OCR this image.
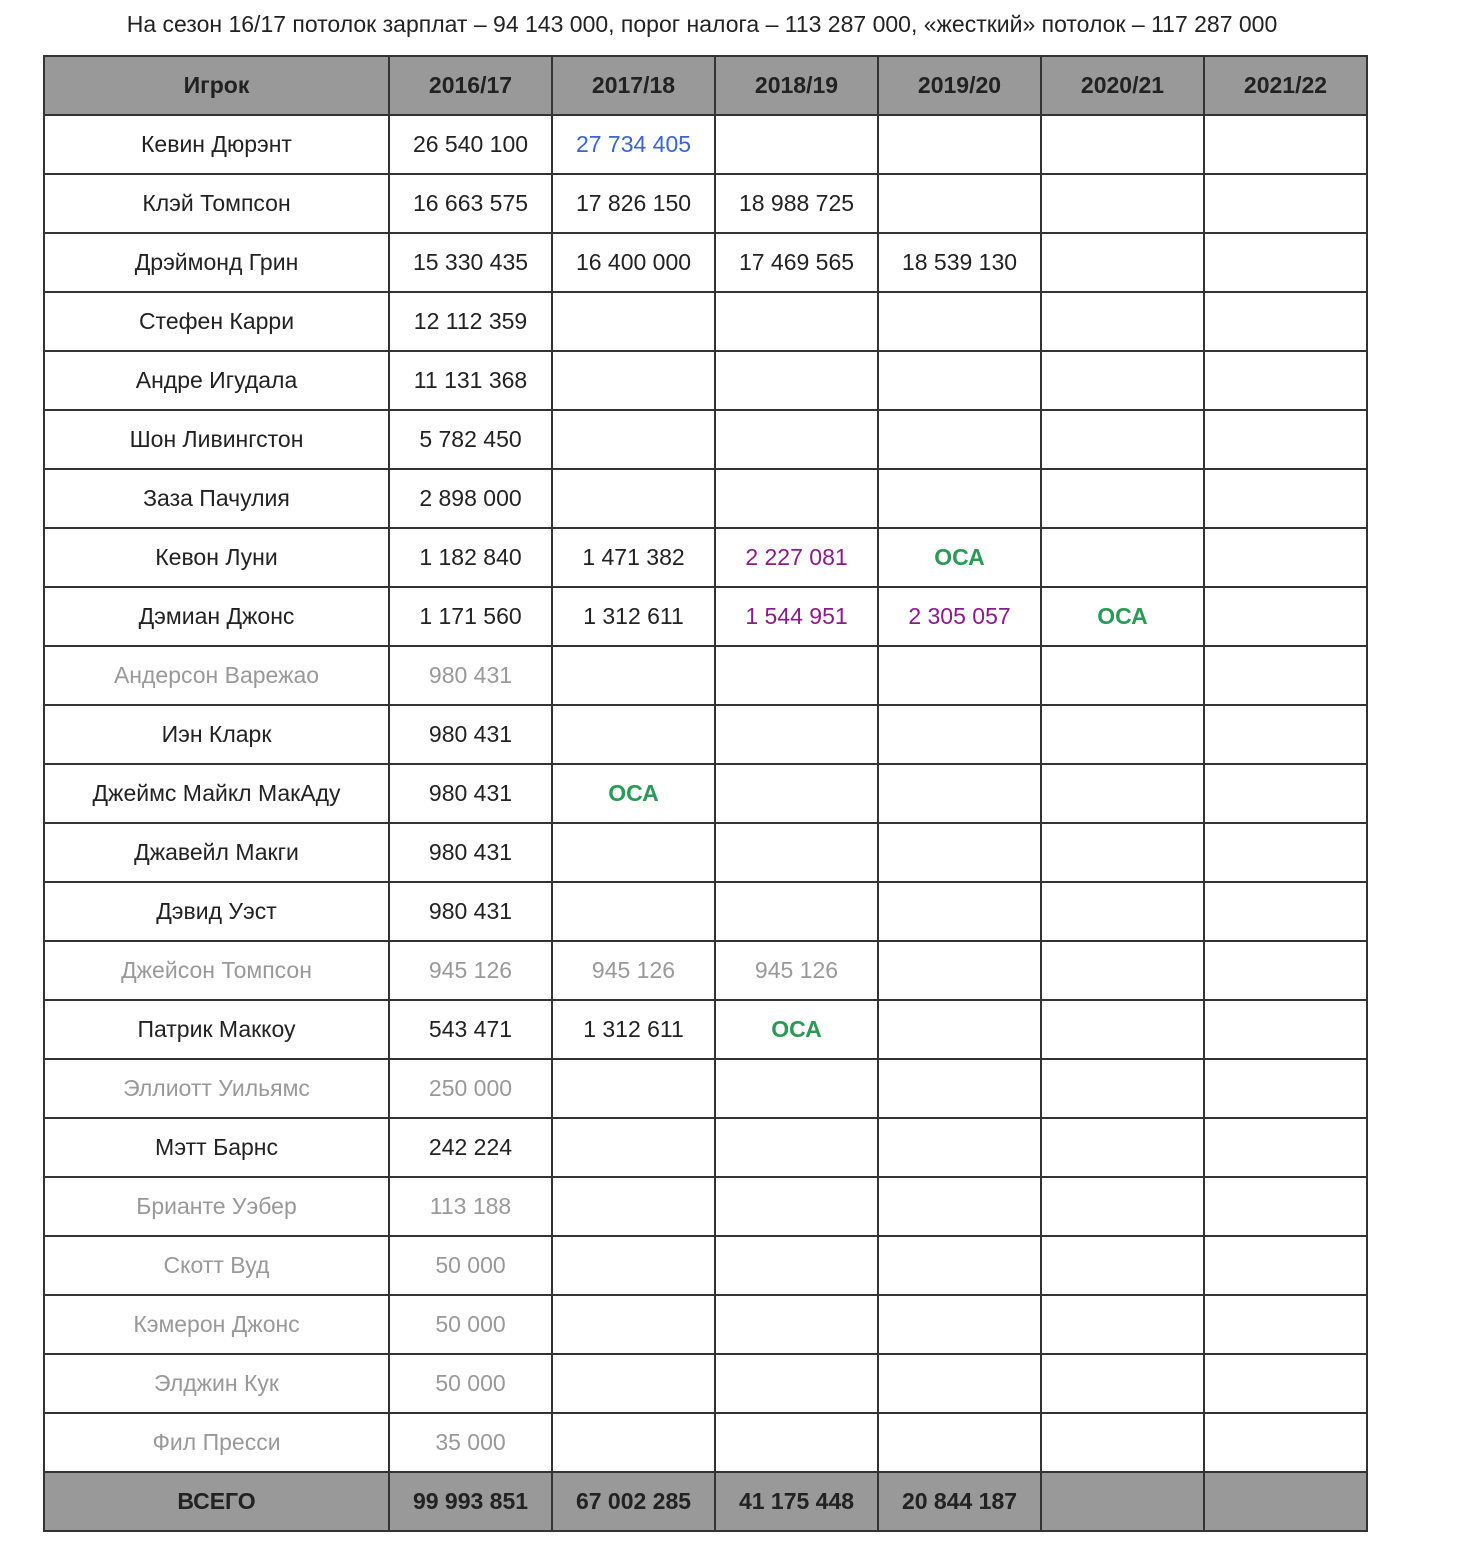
На сезон 16/17 потолок зарплат – 94 143 000, порог налога – 113 287 000, «жесткий» потолок – 117 287 000
Игрок	2016/17	2017/18	2018/19	2019/20	2020/21	2021/22
Кевин Дюрэнт	26 540 100	27 734 405				
Клэй Томпсон	16 663 575	17 826 150	18 988 725			
Дрэймонд Грин	15 330 435	16 400 000	17 469 565	18 539 130		
Стефен Карри	12 112 359					
Андре Игудала	11 131 368					
Шон Ливингстон	5 782 450					
Заза Пачулия	2 898 000					
Кевон Луни	1 182 840	1 471 382	2 227 081	ОСА		
Дэмиан Джонс	1 171 560	1 312 611	1 544 951	2 305 057	ОСА	
Андерсон Варежао	980 431					
Иэн Кларк	980 431					
Джеймс Майкл МакАду	980 431	ОСА				
Джавейл Макги	980 431					
Дэвид Уэст	980 431					
Джейсон Томпсон	945 126	945 126	945 126			
Патрик Маккоу	543 471	1 312 611	ОСА			
Эллиотт Уильямс	250 000					
Мэтт Барнс	242 224					
Брианте Уэбер	113 188					
Скотт Вуд	50 000					
Кэмерон Джонс	50 000					
Элджин Кук	50 000					
Фил Пресси	35 000					
ВСЕГО	99 993 851	67 002 285	41 175 448	20 844 187		
